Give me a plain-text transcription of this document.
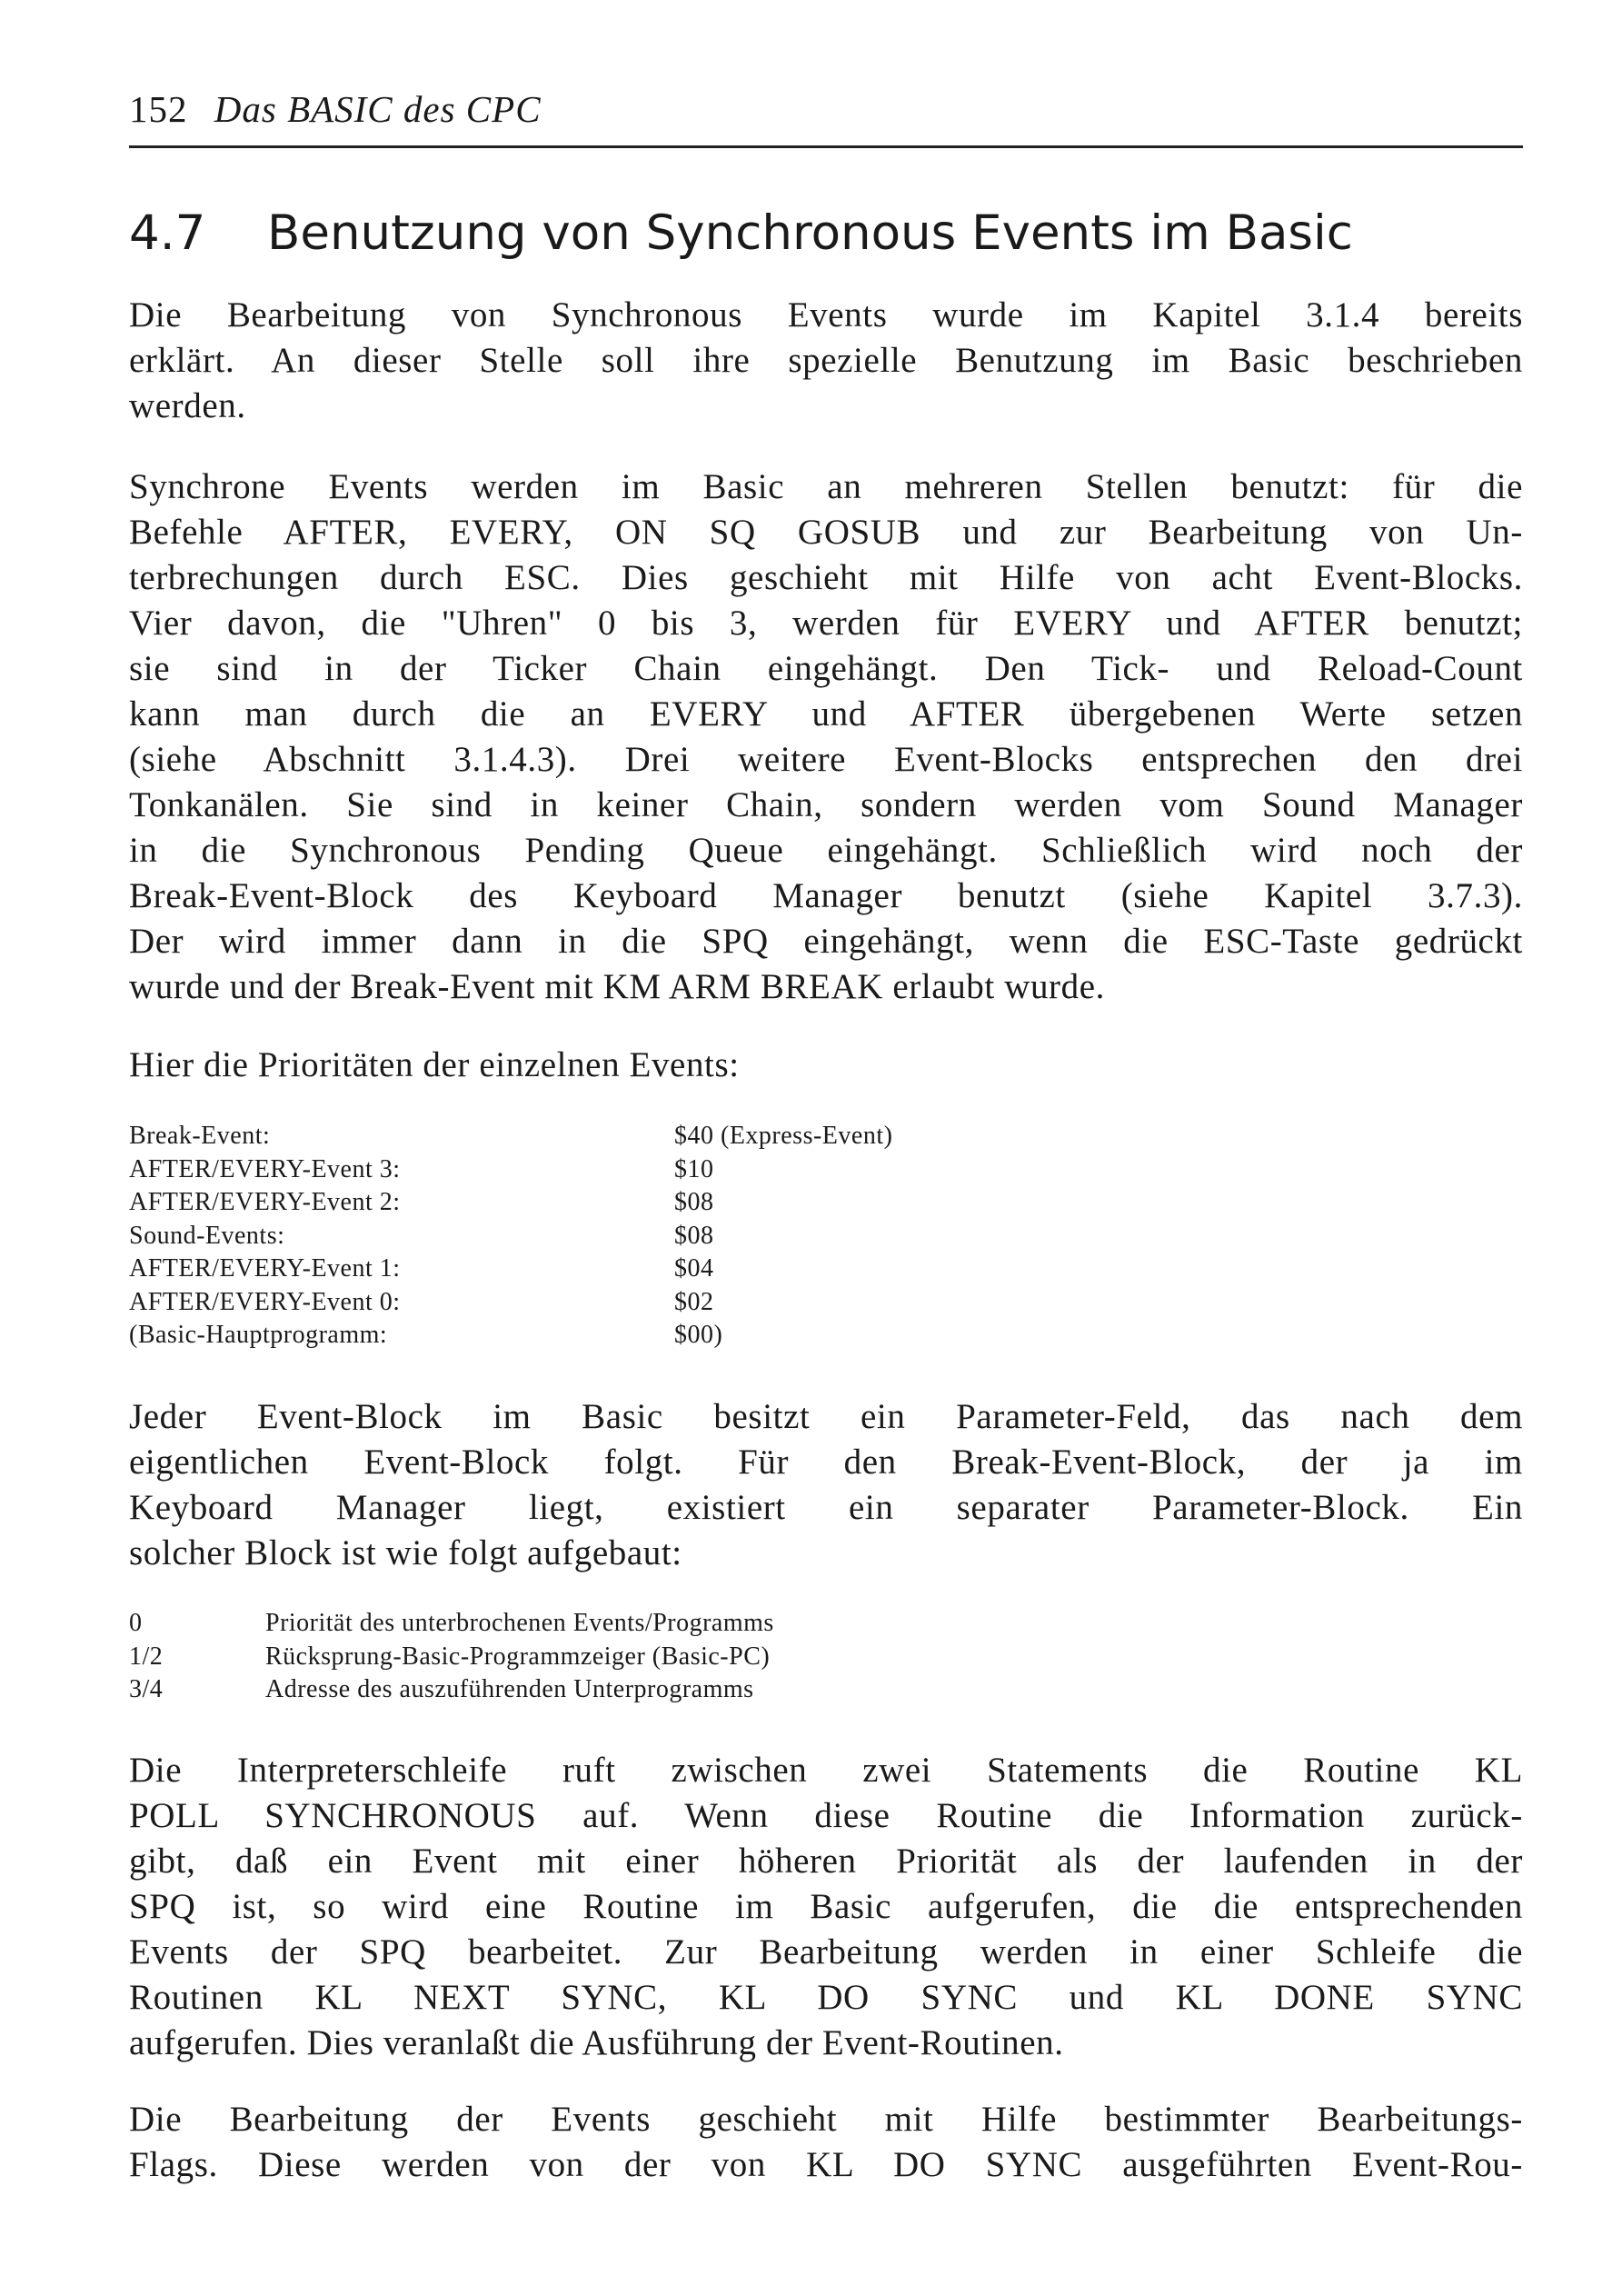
152 Das BASIC des CPC
4.7 Benutzung von Synchronous Events im Basic
Die Bearbeitung von Synchronous Events wurde im Kapitel 3.1.4 bereits
erklärt. An dieser Stelle soll ihre spezielle Benutzung im Basic beschrieben
werden.
Synchrone Events werden im Basic an mehreren Stellen benutzt: für die
Befehle AFTER, EVERY, ON SQ GOSUB und zur Bearbeitung von Un-
terbrechungen durch ESC. Dies geschieht mit Hilfe von acht Event-Blocks.
Vier davon, die "Uhren" 0 bis 3, werden für EVERY und AFTER benutzt;
sie sind in der Ticker Chain eingehängt. Den Tick- und Reload-Count
kann man durch die an EVERY und AFTER übergebenen Werte setzen
(siehe Abschnitt 3.1.4.3). Drei weitere Event-Blocks entsprechen den drei
Tonkanälen. Sie sind in keiner Chain, sondern werden vom Sound Manager
in die Synchronous Pending Queue eingehängt. Schließlich wird noch der
Break-Event-Block des Keyboard Manager benutzt (siehe Kapitel 3.7.3).
Der wird immer dann in die SPQ eingehängt, wenn die ESC-Taste gedrückt
wurde und der Break-Event mit KM ARM BREAK erlaubt wurde.
Hier die Prioritäten der einzelnen Events:
Break-Event:	$40 (Express-Event)
AFTER/EVERY-Event 3:	$10
AFTER/EVERY-Event 2:	$08
Sound-Events:	$08
AFTER/EVERY-Event 1:	$04
AFTER/EVERY-Event 0:	$02
(Basic-Hauptprogramm:	$00)
Jeder Event-Block im Basic besitzt ein Parameter-Feld, das nach dem
eigentlichen Event-Block folgt. Für den Break-Event-Block, der ja im
Keyboard Manager liegt, existiert ein separater Parameter-Block. Ein
solcher Block ist wie folgt aufgebaut:
0	Priorität des unterbrochenen Events/Programms
1/2	Rücksprung-Basic-Programmzeiger (Basic-PC)
3/4	Adresse des auszuführenden Unterprogramms
Die Interpreterschleife ruft zwischen zwei Statements die Routine KL
POLL SYNCHRONOUS auf. Wenn diese Routine die Information zurück-
gibt, daß ein Event mit einer höheren Priorität als der laufenden in der
SPQ ist, so wird eine Routine im Basic aufgerufen, die die entsprechenden
Events der SPQ bearbeitet. Zur Bearbeitung werden in einer Schleife die
Routinen KL NEXT SYNC, KL DO SYNC und KL DONE SYNC
aufgerufen. Dies veranlaßt die Ausführung der Event-Routinen.
Die Bearbeitung der Events geschieht mit Hilfe bestimmter Bearbeitungs-
Flags. Diese werden von der von KL DO SYNC ausgeführten Event-Rou-
